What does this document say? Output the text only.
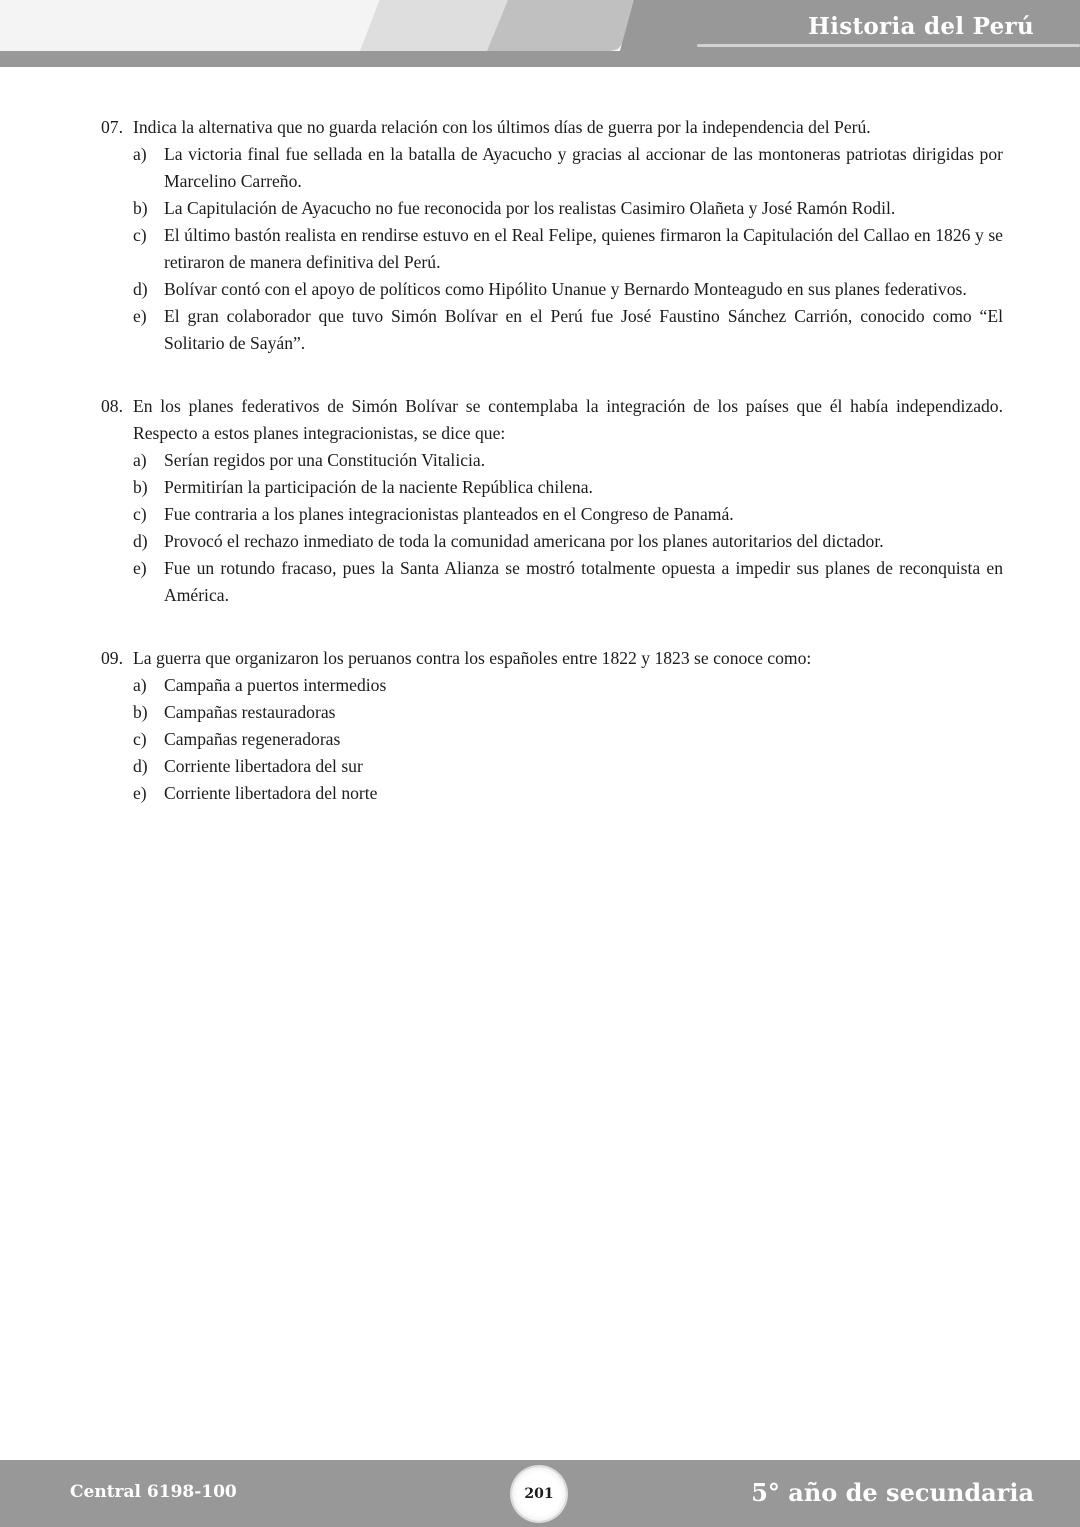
Historia del Perú
07. Indica la alternativa que no guarda relación con los últimos días de guerra por la independencia del Perú.
a) La victoria final fue sellada en la batalla de Ayacucho y gracias al accionar de las montoneras patriotas dirigidas por Marcelino Carreño.
b) La Capitulación de Ayacucho no fue reconocida por los realistas Casimiro Olañeta y José Ramón Rodil.
c) El último bastón realista en rendirse estuvo en el Real Felipe, quienes firmaron la Capitulación del Callao en 1826 y se retiraron de manera definitiva del Perú.
d) Bolívar contó con el apoyo de políticos como Hipólito Unanue y Bernardo Monteagudo en sus planes federativos.
e) El gran colaborador que tuvo Simón Bolívar en el Perú fue José Faustino Sánchez Carrión, conocido como “El Solitario de Sayán”.
08. En los planes federativos de Simón Bolívar se contemplaba la integración de los países que él había independizado. Respecto a estos planes integracionistas, se dice que:
a) Serían regidos por una Constitución Vitalicia.
b) Permitirían la participación de la naciente República chilena.
c) Fue contraria a los planes integracionistas planteados en el Congreso de Panamá.
d) Provocó el rechazo inmediato de toda la comunidad americana por los planes autoritarios del dictador.
e) Fue un rotundo fracaso, pues la Santa Alianza se mostró totalmente opuesta a impedir sus planes de reconquista en América.
09. La guerra que organizaron los peruanos contra los españoles entre 1822 y 1823 se conoce como:
a) Campaña a puertos intermedios
b) Campañas restauradoras
c) Campañas regeneradoras
d) Corriente libertadora del sur
e) Corriente libertadora del norte
Central 6198-100	201	5° año de secundaria
